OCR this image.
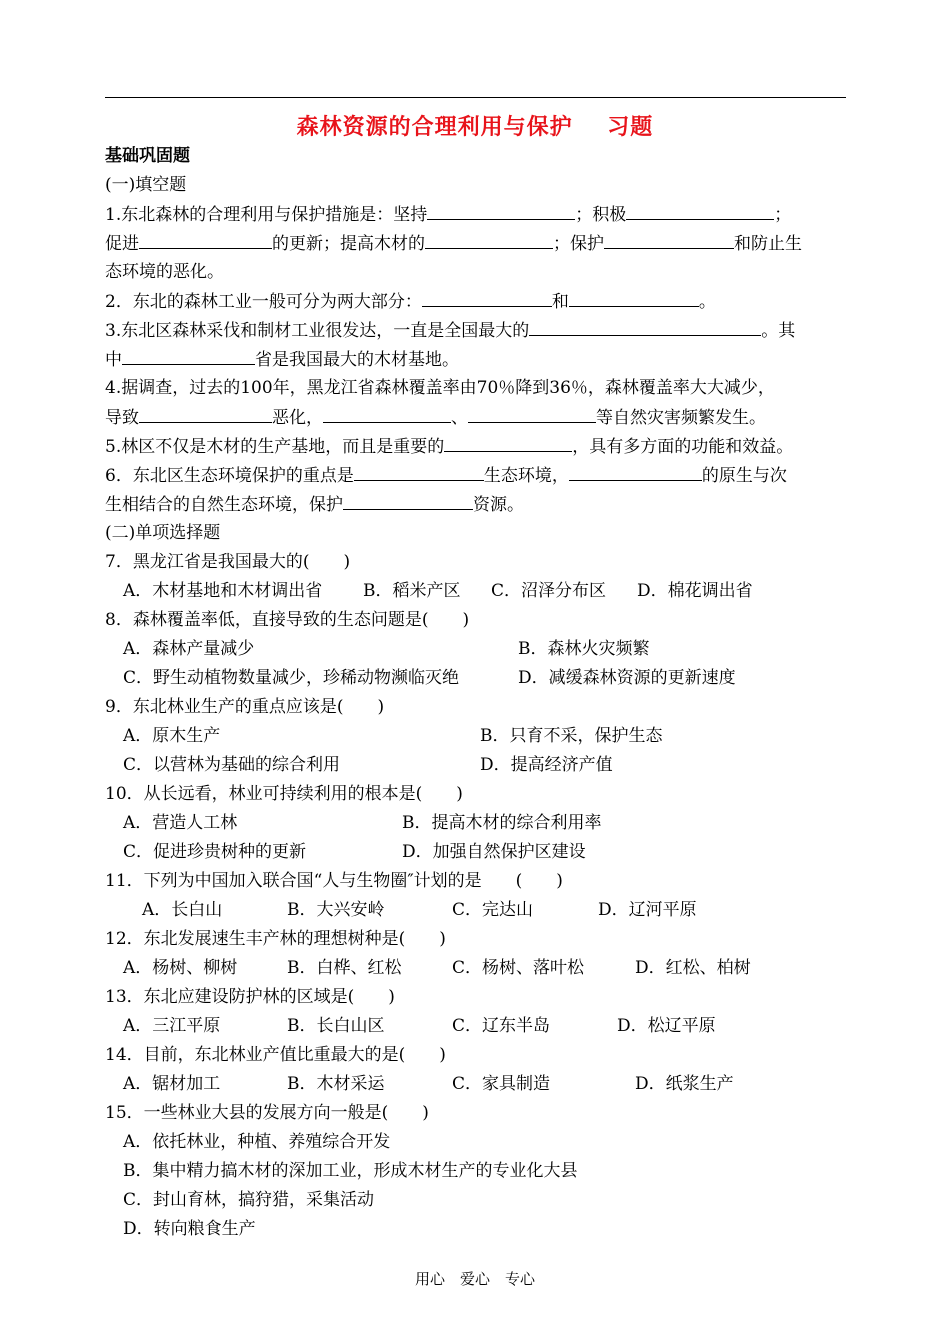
森林资源的合理利用与保护    习题
基础巩固题
(一)填空题
1.东北森林的合理利用与保护措施是：坚持	；积极	；
促进	的更新；提高木材的	；保护	和防止生
态环境的恶化。
2．东北的森林工业一般可分为两大部分：	和	。
3.东北区森林采伐和制材工业很发达，一直是全国最大的	。其
中	省是我国最大的木材基地。
4.据调查，过去的100年，黑龙江省森林覆盖率由70％降到36％，森林覆盖率大大减少，
导致	恶化，	、	等自然灾害频繁发生。
5.林区不仅是木材的生产基地，而且是重要的	，具有多方面的功能和效益。
6．东北区生态环境保护的重点是	生态环境，	的原生与次
生相结合的自然生态环境，保护	资源。
(二)单项选择题
7．黑龙江省是我国最大的(　　)
A．木材基地和木材调出省 B．稻米产区 C．沼泽分布区 D．棉花调出省
8．森林覆盖率低，直接导致的生态问题是(　　)
A．森林产量减少	B．森林火灾频繁
C．野生动植物数量减少，珍稀动物濒临灭绝	D．减缓森林资源的更新速度
9．东北林业生产的重点应该是(　　)
A．原木生产	B．只育不采，保护生态
C．以营林为基础的综合利用	D．提高经济产值
10．从长远看，林业可持续利用的根本是(　　)
A．营造人工林	B．提高木材的综合利用率
C．促进珍贵树种的更新	D．加强自然保护区建设
11．下列为中国加入联合国“人与生物圈″计划的是　　(　　)
A．长白山	B．大兴安岭	C．完达山	D．辽河平原
12．东北发展速生丰产林的理想树种是(　　)
A．杨树、柳树	B．白桦、红松	C．杨树、落叶松	D．红松、柏树
13．东北应建设防护林的区域是(　　)
A．三江平原	B．长白山区	C．辽东半岛	D．松辽平原
14．目前，东北林业产值比重最大的是(　　)
A．锯材加工	B．木材采运	C．家具制造	D．纸浆生产
15．一些林业大县的发展方向一般是(　　)
A．依托林业，种植、养殖综合开发
B．集中精力搞木材的深加工业，形成木材生产的专业化大县
C．封山育林，搞狩猎，采集活动
D．转向粮食生产
用心　爱心　专心
